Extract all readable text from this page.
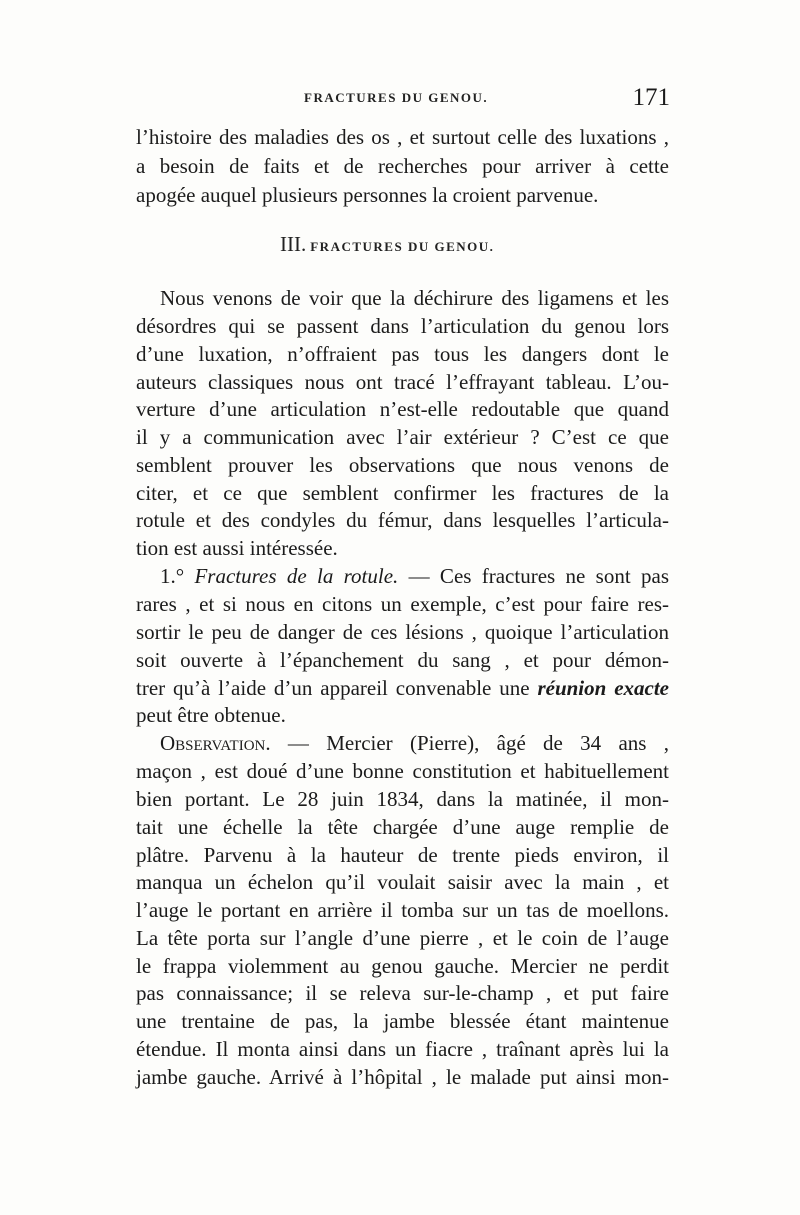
FRACTURES DU GENOU.	171
l’histoire des maladies des os , et surtout celle des luxations ,
a besoin de faits et de recherches pour arriver à cette
apogée auquel plusieurs personnes la croient parvenue.
III. FRACTURES DU GENOU.
Nous venons de voir que la déchirure des ligamens et les
désordres qui se passent dans l’articulation du genou lors
d’une luxation, n’offraient pas tous les dangers dont le
auteurs classiques nous ont tracé l’effrayant tableau. L’ou-
verture d’une articulation n’est-elle redoutable que quand
il y a communication avec l’air extérieur ? C’est ce que
semblent prouver les observations que nous venons de
citer, et ce que semblent confirmer les fractures de la
rotule et des condyles du fémur, dans lesquelles l’articula-
tion est aussi intéressée.
1.° Fractures de la rotule. — Ces fractures ne sont pas
rares , et si nous en citons un exemple, c’est pour faire res-
sortir le peu de danger de ces lésions , quoique l’articulation
soit ouverte à l’épanchement du sang , et pour démon-
trer qu’à l’aide d’un appareil convenable une réunion exacte
peut être obtenue.
Observation. — Mercier (Pierre), âgé de 34 ans ,
maçon , est doué d’une bonne constitution et habituellement
bien portant. Le 28 juin 1834, dans la matinée, il mon-
tait une échelle la tête chargée d’une auge remplie de
plâtre. Parvenu à la hauteur de trente pieds environ, il
manqua un échelon qu’il voulait saisir avec la main , et
l’auge le portant en arrière il tomba sur un tas de moellons.
La tête porta sur l’angle d’une pierre , et le coin de l’auge
le frappa violemment au genou gauche. Mercier ne perdit
pas connaissance; il se releva sur-le-champ , et put faire
une trentaine de pas, la jambe blessée étant maintenue
étendue. Il monta ainsi dans un fiacre , traînant après lui la
jambe gauche. Arrivé à l’hôpital , le malade put ainsi mon-
